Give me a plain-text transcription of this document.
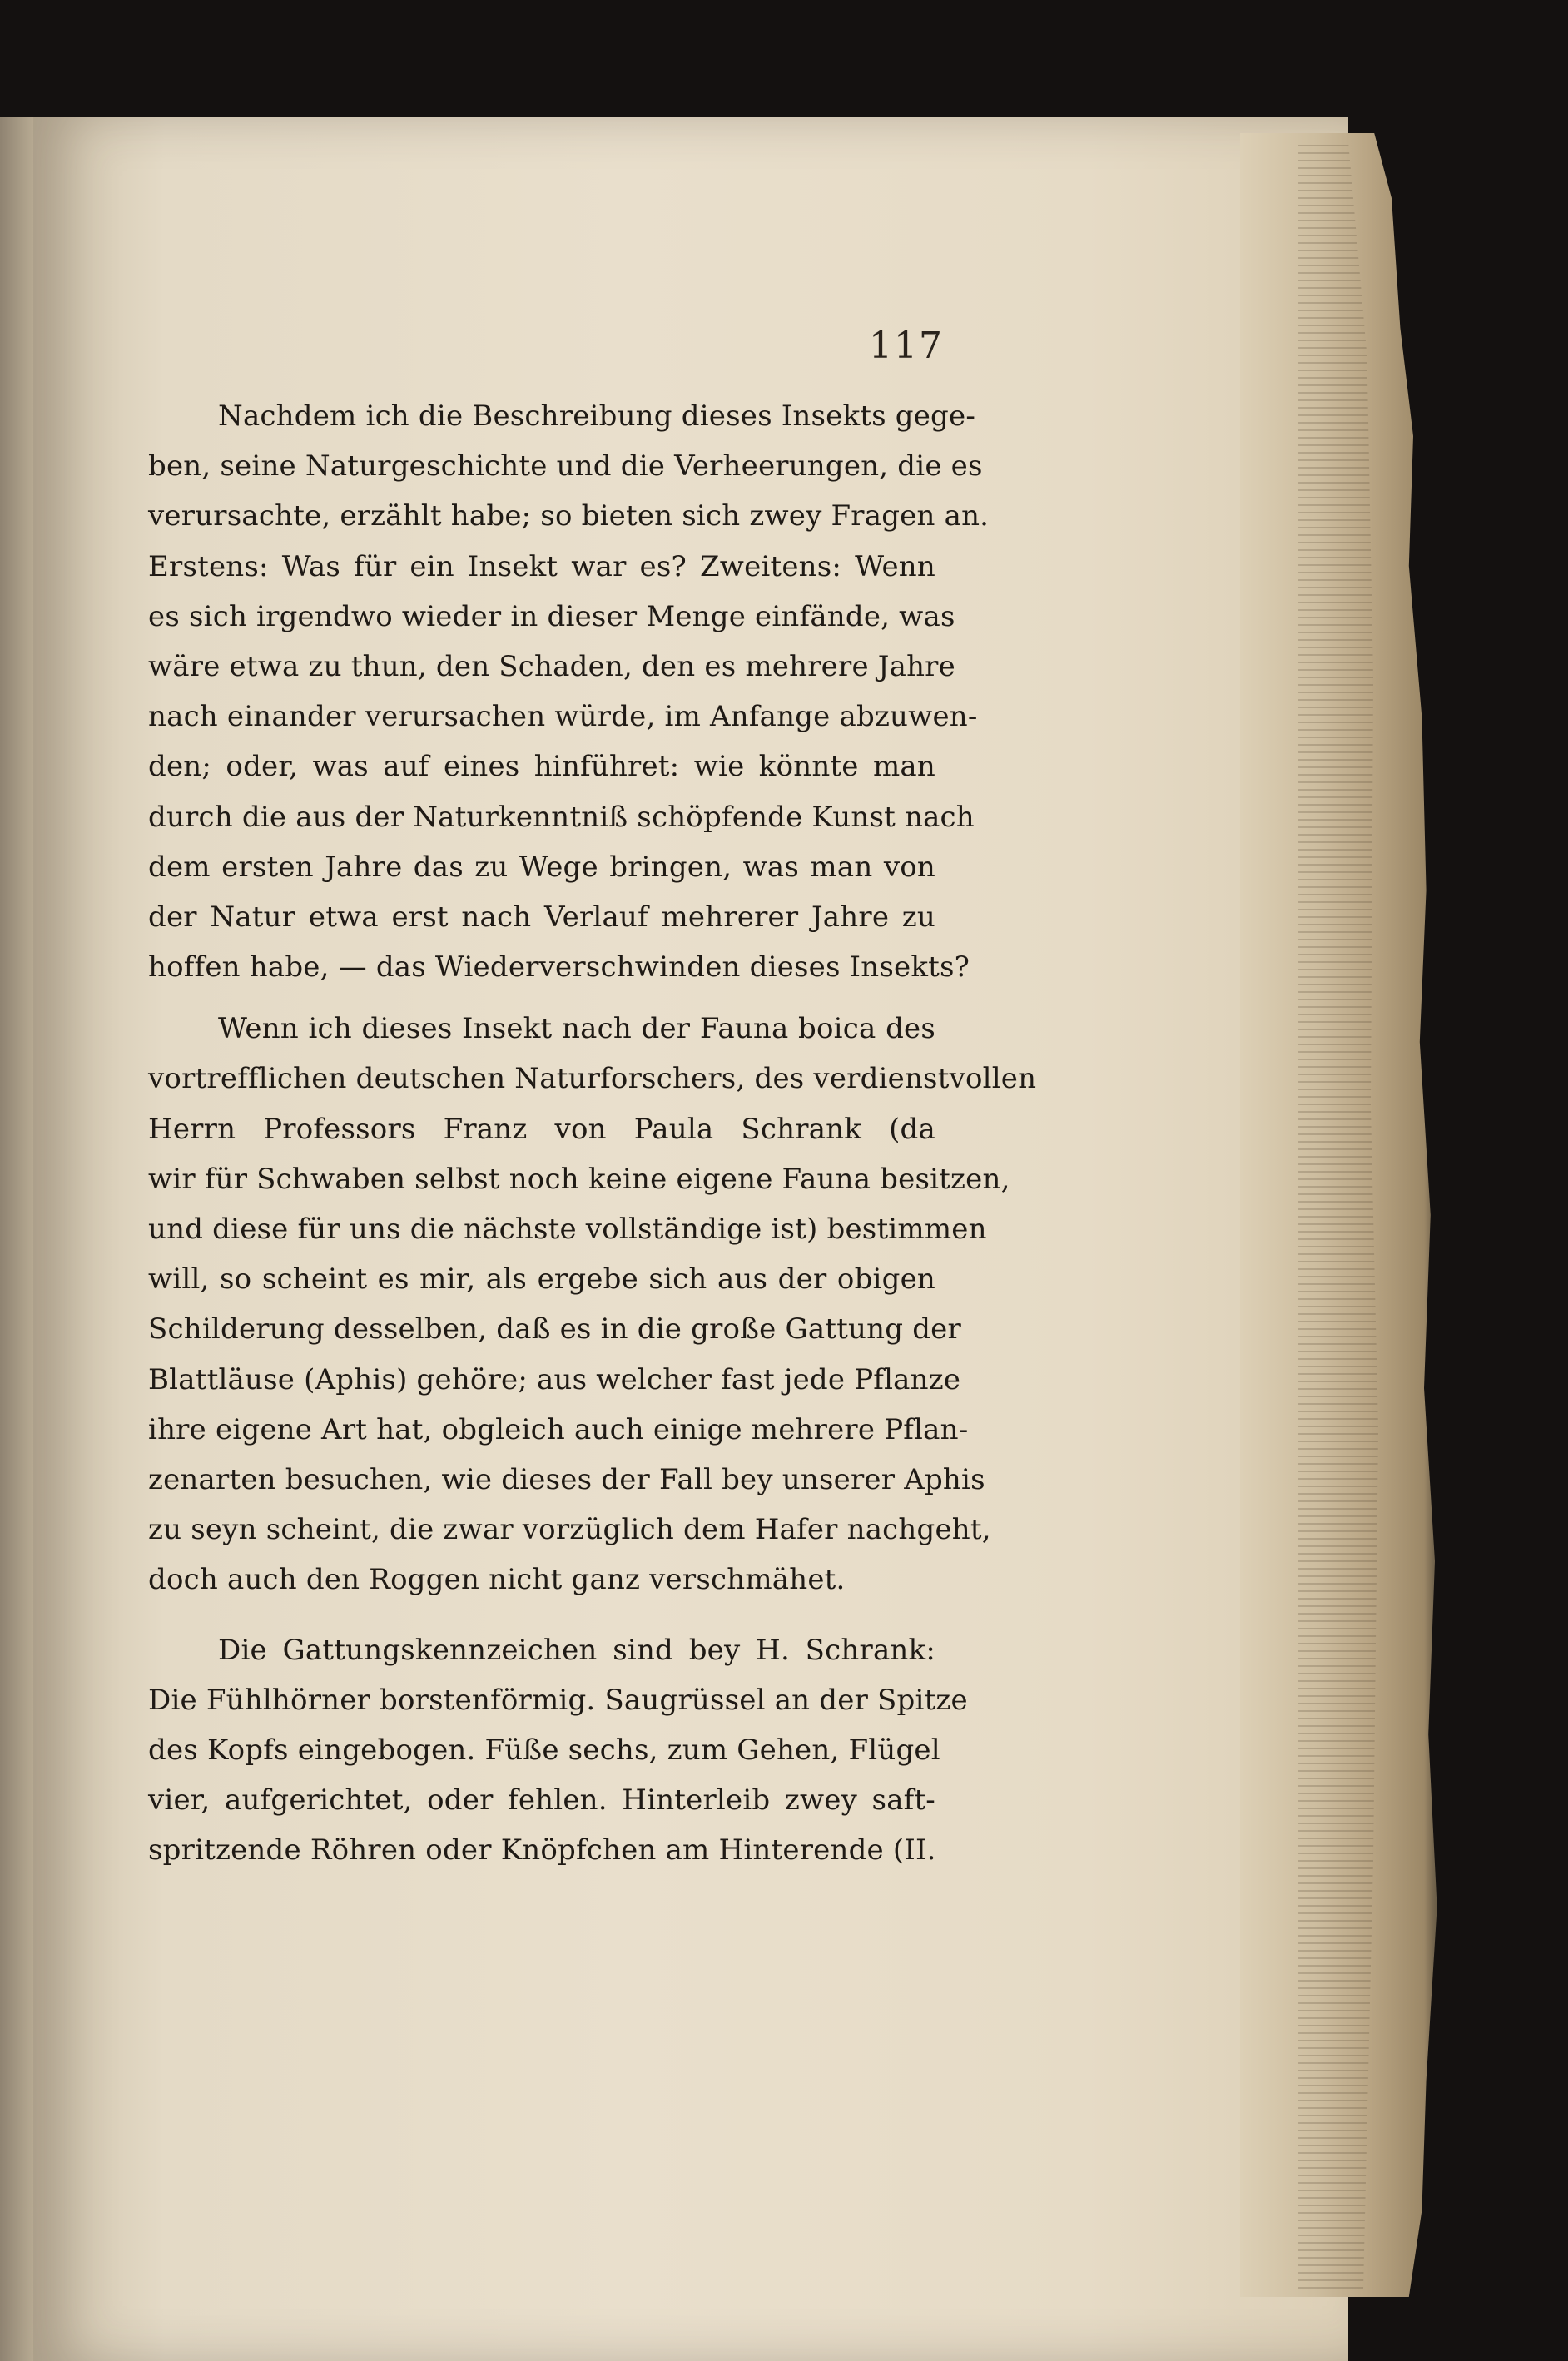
117
Nachdem ich die Beschreibung dieses Insekts gege-
ben, seine Naturgeschichte und die Verheerungen, die es
verursachte, erzählt habe; so bieten sich zwey Fragen an.
Erstens: Was für ein Insekt war es? Zweitens: Wenn
es sich irgendwo wieder in dieser Menge einfände, was
wäre etwa zu thun, den Schaden, den es mehrere Jahre
nach einander verursachen würde, im Anfange abzuwen-
den; oder, was auf eines hinführet: wie könnte man
durch die aus der Naturkenntniß schöpfende Kunst nach
dem ersten Jahre das zu Wege bringen, was man von
der Natur etwa erst nach Verlauf mehrerer Jahre zu
hoffen habe, — das Wiederverschwinden dieses Insekts?
Wenn ich dieses Insekt nach der Fauna boica des
vortrefflichen deutschen Naturforschers, des verdienstvollen
Herrn Professors Franz von Paula Schrank (da
wir für Schwaben selbst noch keine eigene Fauna besitzen,
und diese für uns die nächste vollständige ist) bestimmen
will, so scheint es mir, als ergebe sich aus der obigen
Schilderung desselben, daß es in die große Gattung der
Blattläuse (Aphis) gehöre; aus welcher fast jede Pflanze
ihre eigene Art hat, obgleich auch einige mehrere Pflan-
zenarten besuchen, wie dieses der Fall bey unserer Aphis
zu seyn scheint, die zwar vorzüglich dem Hafer nachgeht,
doch auch den Roggen nicht ganz verschmähet.
Die Gattungskennzeichen sind bey H. Schrank:
Die Fühlhörner borstenförmig. Saugrüssel an der Spitze
des Kopfs eingebogen. Füße sechs, zum Gehen, Flügel
vier, aufgerichtet, oder fehlen. Hinterleib zwey saft-
spritzende Röhren oder Knöpfchen am Hinterende (II.
